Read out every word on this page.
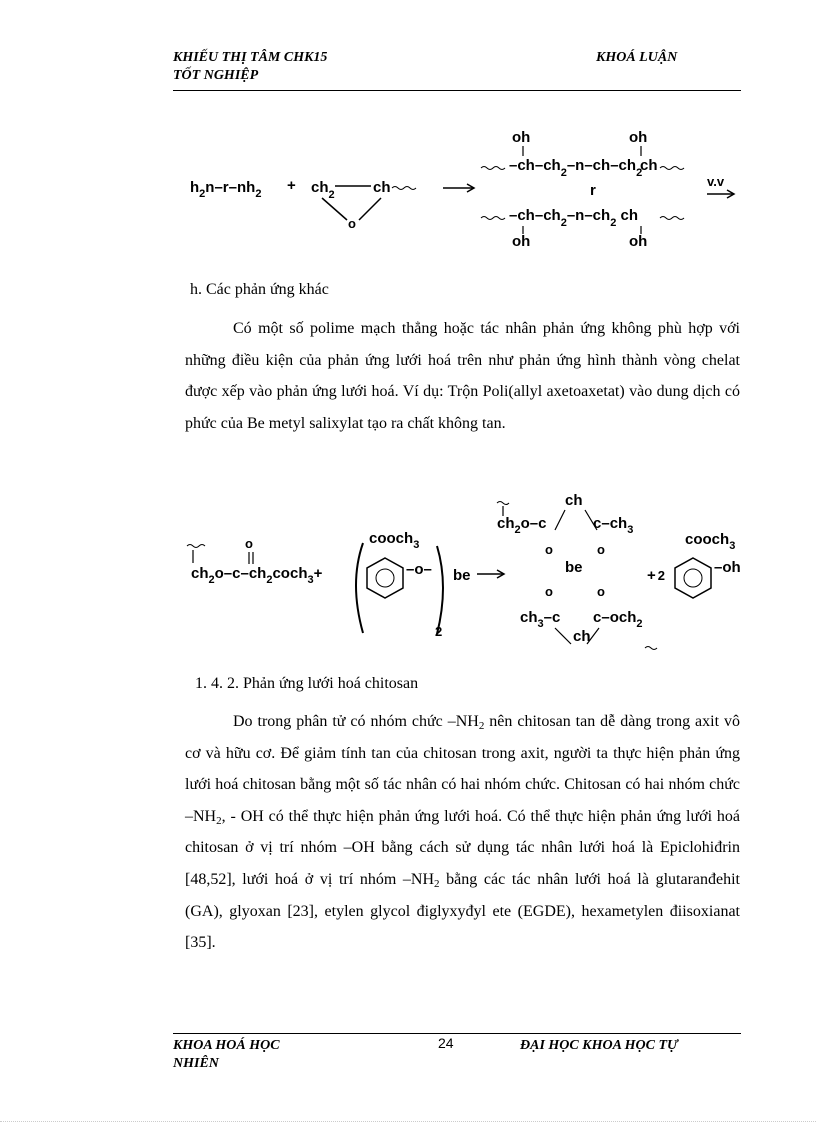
KHIẾU THỊ TÂM CHK15
TỐT NGHIỆP
KHOÁ LUẬN
$h_2n-r-nh_2 + ch_2$	ch
o
oh	oh
$-ch-ch_2-n-ch-ch_2$
ch
r
$-ch-ch_2-n-ch_2$ ch
oh	oh
v.v
h. Các phản ứng khác

Có một số polime mạch thẳng hoặc tác nhân phản ứng không phù hợp với những điều kiện của phản ứng lưới hoá trên như phản ứng hình thành vòng chelat được xếp vào phản ứng lưới hoá. Ví dụ: Trộn Poli(allyl axetoaxetat) vào dung dịch có phức của Be metyl salixylat tạo ra chất không tan.

$ch_2o-c-ch_2coch_3+$
o	cooch$_3$
–o–
2
be
$ch_2o-c$
ch
$c-ch_3$
o	o
be
o	o
$ch_3-c$ c–och$_2$
ch
+ 2
cooch$_3$
–oh
1. 4. 2. Phản ứng lưới hoá chitosan

Do trong phân tử có nhóm chức $-NH_2$ nên chitosan tan dễ dàng trong axit vô cơ và hữu cơ. Để giảm tính tan của chitosan trong axit, người ta thực hiện phản ứng lưới hoá chitosan bằng một số tác nhân có hai nhóm chức. Chitosan có hai nhóm chức $-NH_2$, - OH có thể thực hiện phản ứng lưới hoá. Có thể thực hiện phản ứng lưới hoá chitosan ở vị trí nhóm –OH bằng cách sử dụng tác nhân lưới hoá là Epiclohiđrin [48,52], lưới hoá ở vị trí nhóm $-NH_2$ bằng các tác nhân lưới hoá là glutaranđehit (GA), glyoxan [23], etylen glycol điglyxyđyl ete (EGDE), hexametylen điisoxianat [35].

KHOA HOÁ HỌC
NHIÊN
24	ĐẠI HỌC KHOA HỌC TỰ
